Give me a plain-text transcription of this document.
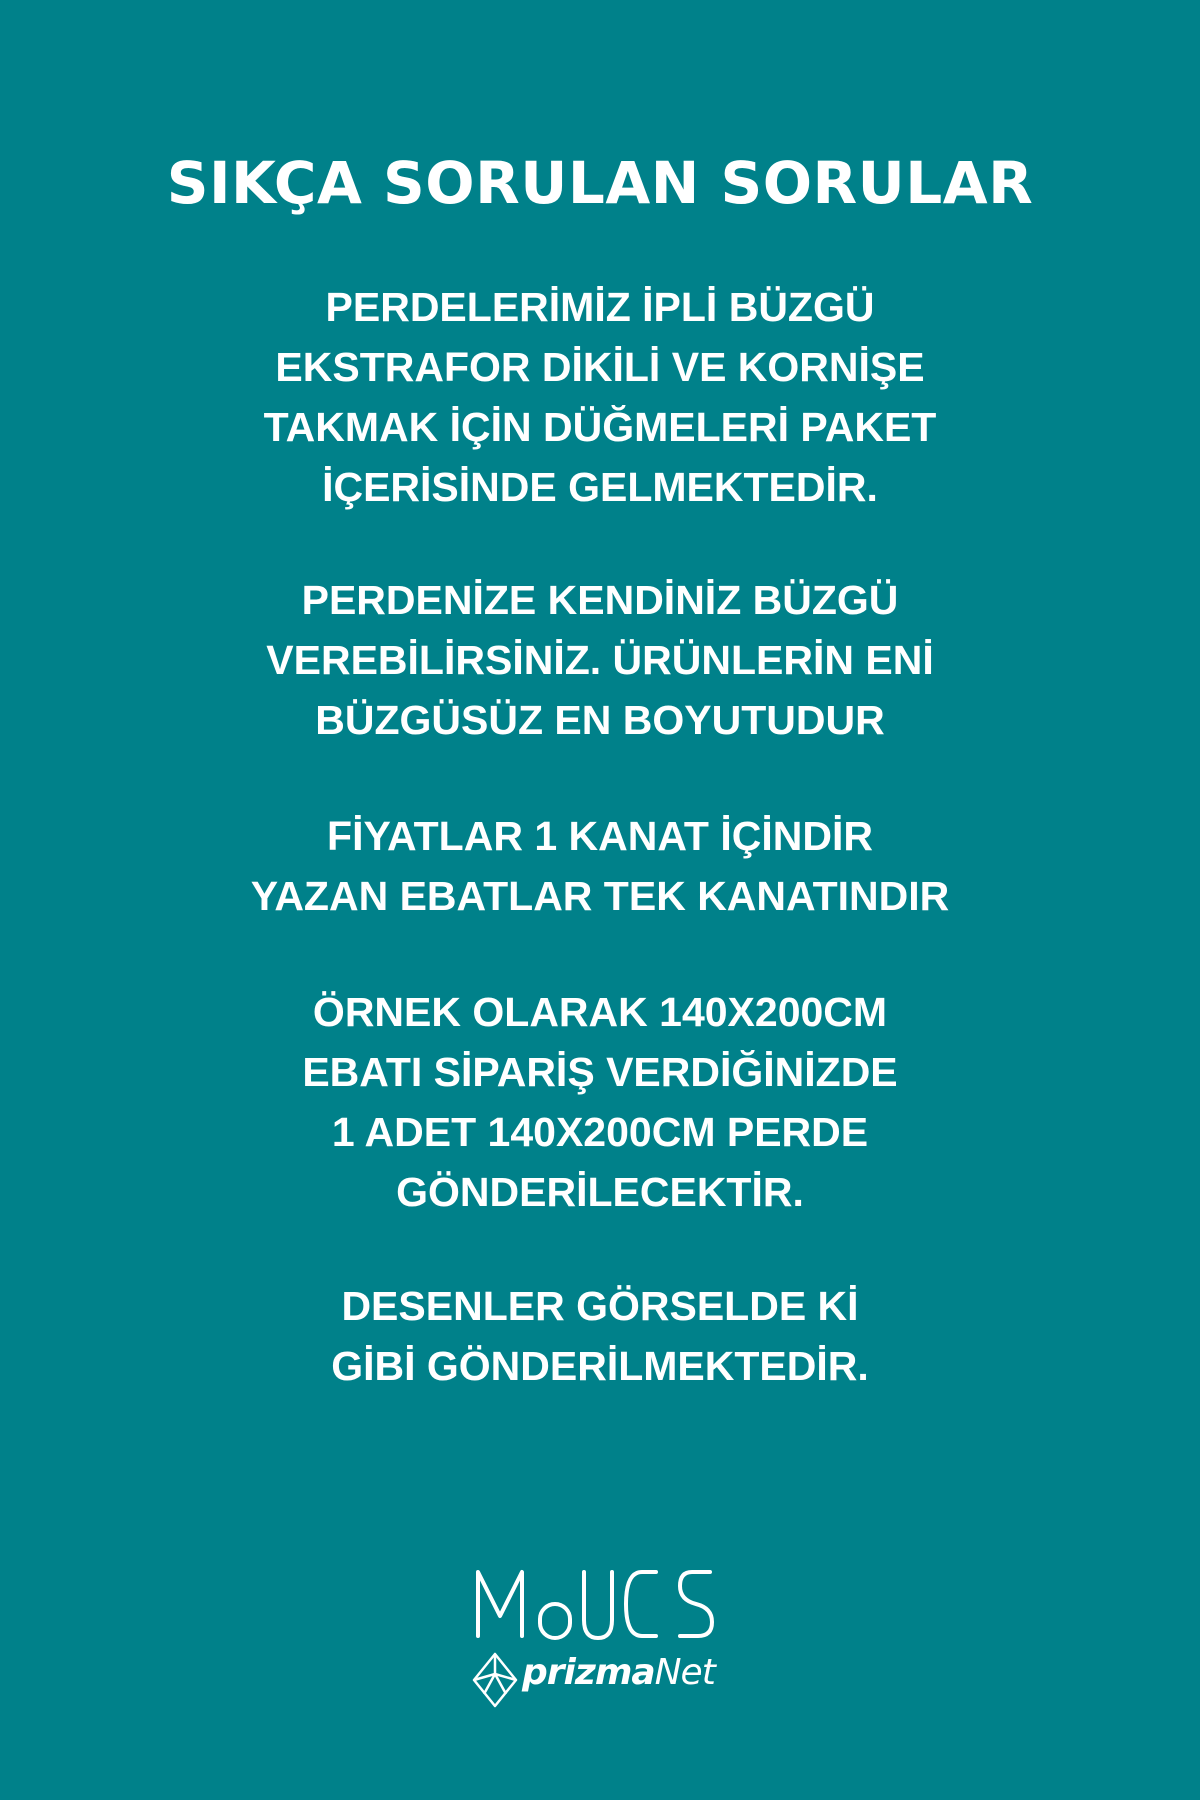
SIKÇA SORULAN SORULAR
PERDELERİMİZ İPLİ BÜZGÜ
EKSTRAFOR DİKİLİ VE KORNİŞE
TAKMAK İÇİN DÜĞMELERİ PAKET
İÇERİSİNDE GELMEKTEDİR.
PERDENİZE KENDİNİZ BÜZGÜ
VEREBİLİRSİNİZ. ÜRÜNLERİN ENİ
BÜZGÜSÜZ EN BOYUTUDUR
FİYATLAR 1 KANAT İÇİNDİR
YAZAN EBATLAR TEK KANATINDIR
ÖRNEK OLARAK 140X200CM
EBATI SİPARİŞ VERDİĞİNİZDE
1 ADET 140X200CM PERDE
GÖNDERİLECEKTİR.
DESENLER GÖRSELDE Kİ
GİBİ GÖNDERİLMEKTEDİR.
prizmaNet
